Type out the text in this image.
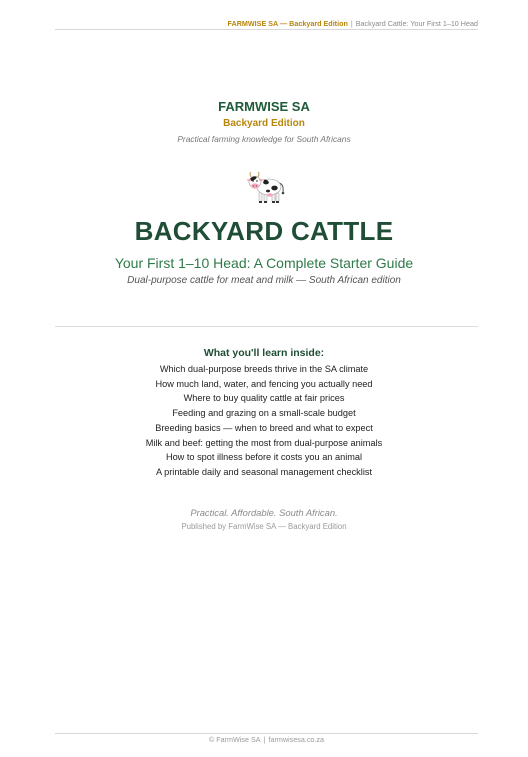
FARMWISE SA — Backyard Edition | Backyard Cattle: Your First 1–10 Head
FARMWISE SA
Backyard Edition
Practical farming knowledge for South Africans
BACKYARD CATTLE
Your First 1–10 Head: A Complete Starter Guide
Dual-purpose cattle for meat and milk — South African edition
What you'll learn inside:
Which dual-purpose breeds thrive in the SA climate
How much land, water, and fencing you actually need
Where to buy quality cattle at fair prices
Feeding and grazing on a small-scale budget
Breeding basics — when to breed and what to expect
Milk and beef: getting the most from dual-purpose animals
How to spot illness before it costs you an animal
A printable daily and seasonal management checklist
Practical. Affordable. South African.
Published by FarmWise SA — Backyard Edition
© FarmWise SA | farmwisesa.co.za
